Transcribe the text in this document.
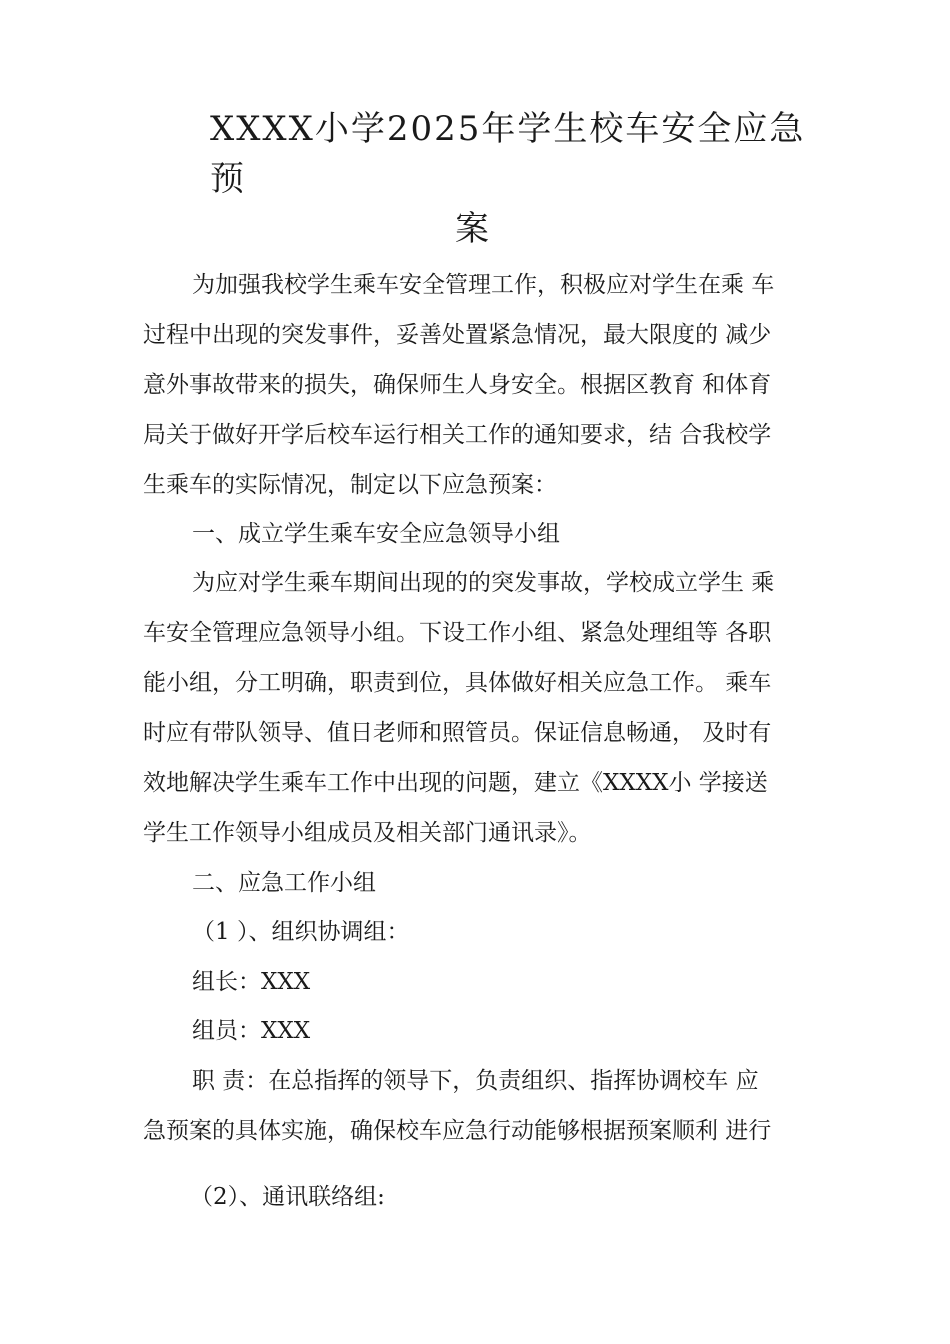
XXXX小学2025年学生校车安全应急预
案

为加强我校学生乘车安全管理工作，积极应对学生在乘 车

过程中出现的突发事件，妥善处置紧急情况，最大限度的 减少

意外事故带来的损失，确保师生人身安全。根据区教育 和体育

局关于做好开学后校车运行相关工作的通知要求，结 合我校学

生乘车的实际情况，制定以下应急预案：

一、成立学生乘车安全应急领导小组

为应对学生乘车期间出现的的突发事故，学校成立学生 乘

车安全管理应急领导小组。下设工作小组、紧急处理组等 各职

能小组，分工明确，职责到位，具体做好相关应急工作。 乘车

时应有带队领导、值日老师和照管员。保证信息畅通， 及时有

效地解决学生乘车工作中出现的问题，建立《XXXX小 学接送

学生工作领导小组成员及相关部门通讯录》。

二、应急工作小组

（1 ）、组织协调组：

组长：XXX

组员：XXX

职 责：在总指挥的领导下，负责组织、指挥协调校车 应

急预案的具体实施，确保校车应急行动能够根据预案顺利 进行

（2）、通讯联络组:
